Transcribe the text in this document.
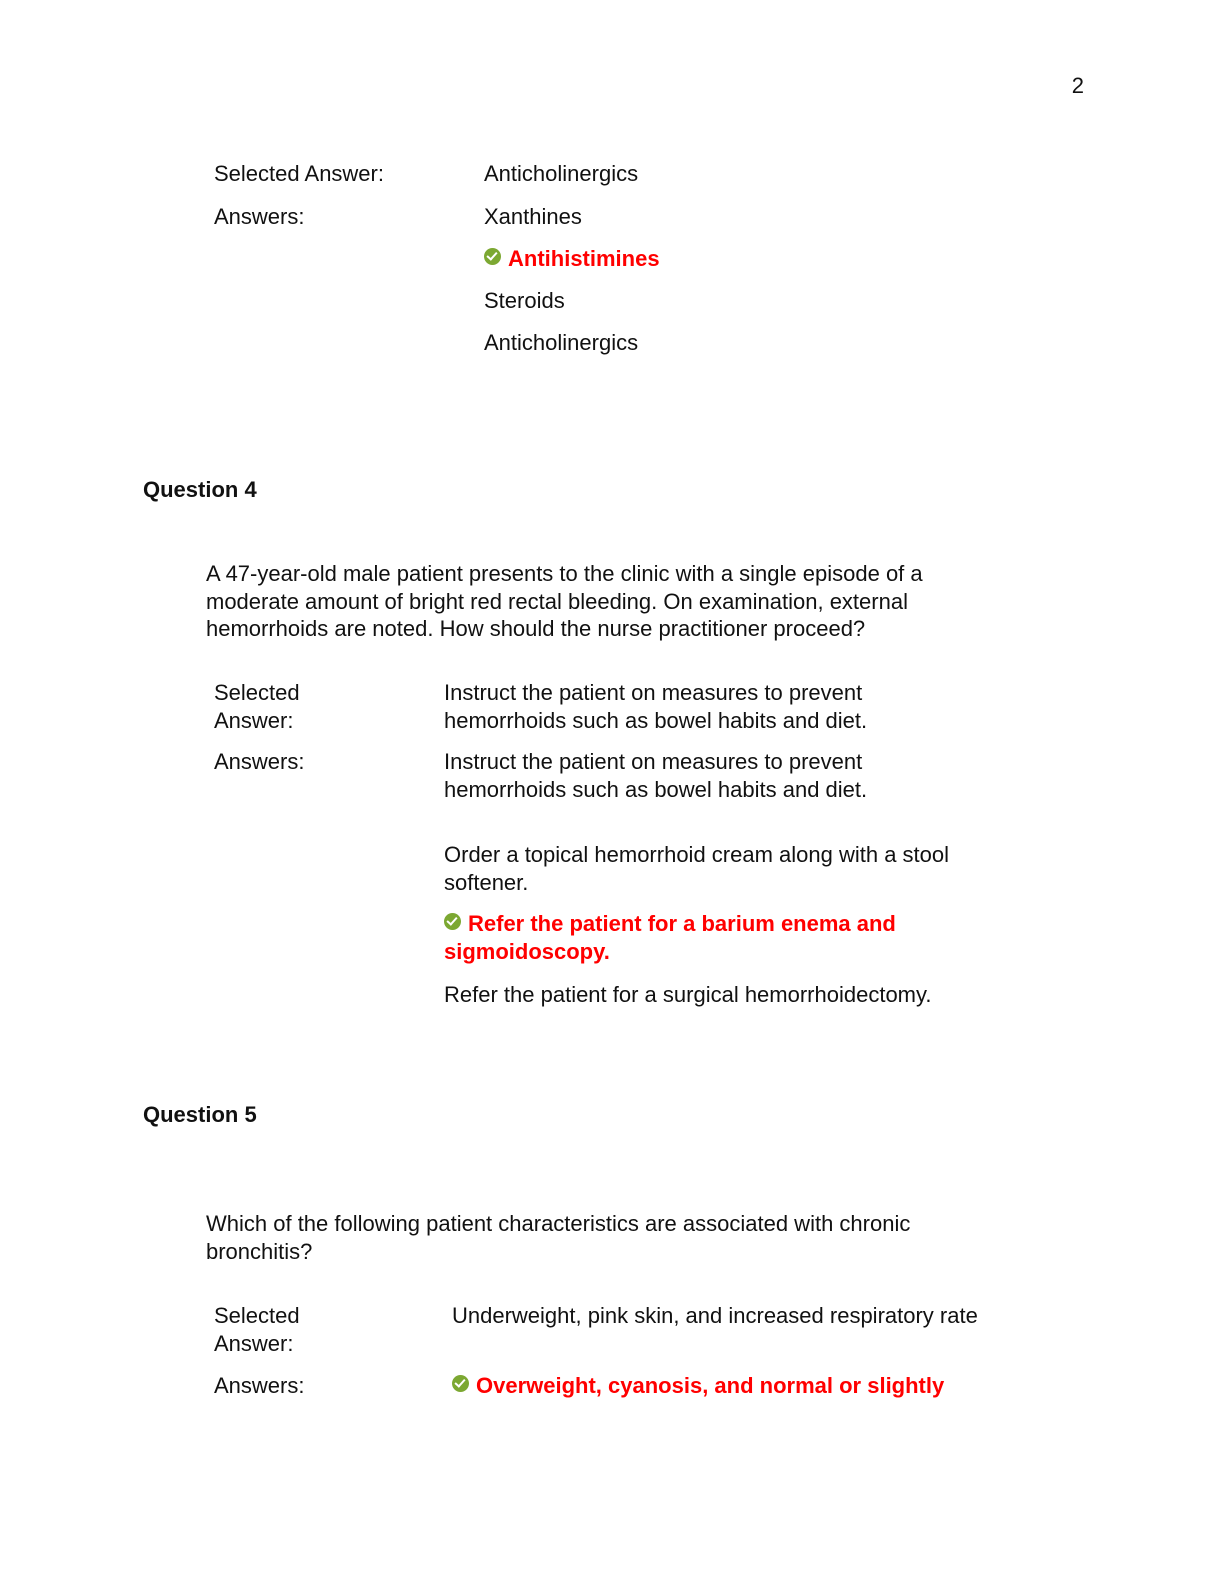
2
Selected Answer:	Anticholinergics
Answers:	Xanthines
Antihistimines
Steroids
Anticholinergics
Question 4
A 47-year-old male patient presents to the clinic with a single episode of a moderate amount of bright red rectal bleeding. On examination, external hemorrhoids are noted. How should the nurse practitioner proceed?
Selected Answer:
Instruct the patient on measures to prevent hemorrhoids such as bowel habits and diet.
Answers:	Instruct the patient on measures to prevent hemorrhoids such as bowel habits and diet.
Order a topical hemorrhoid cream along with a stool softener.
Refer the patient for a barium enema and sigmoidoscopy.
Refer the patient for a surgical hemorrhoidectomy.
Question 5
Which of the following patient characteristics are associated with chronic bronchitis?
Selected Answer:
Underweight, pink skin, and increased respiratory rate
Answers:	Overweight, cyanosis, and normal or slightly
